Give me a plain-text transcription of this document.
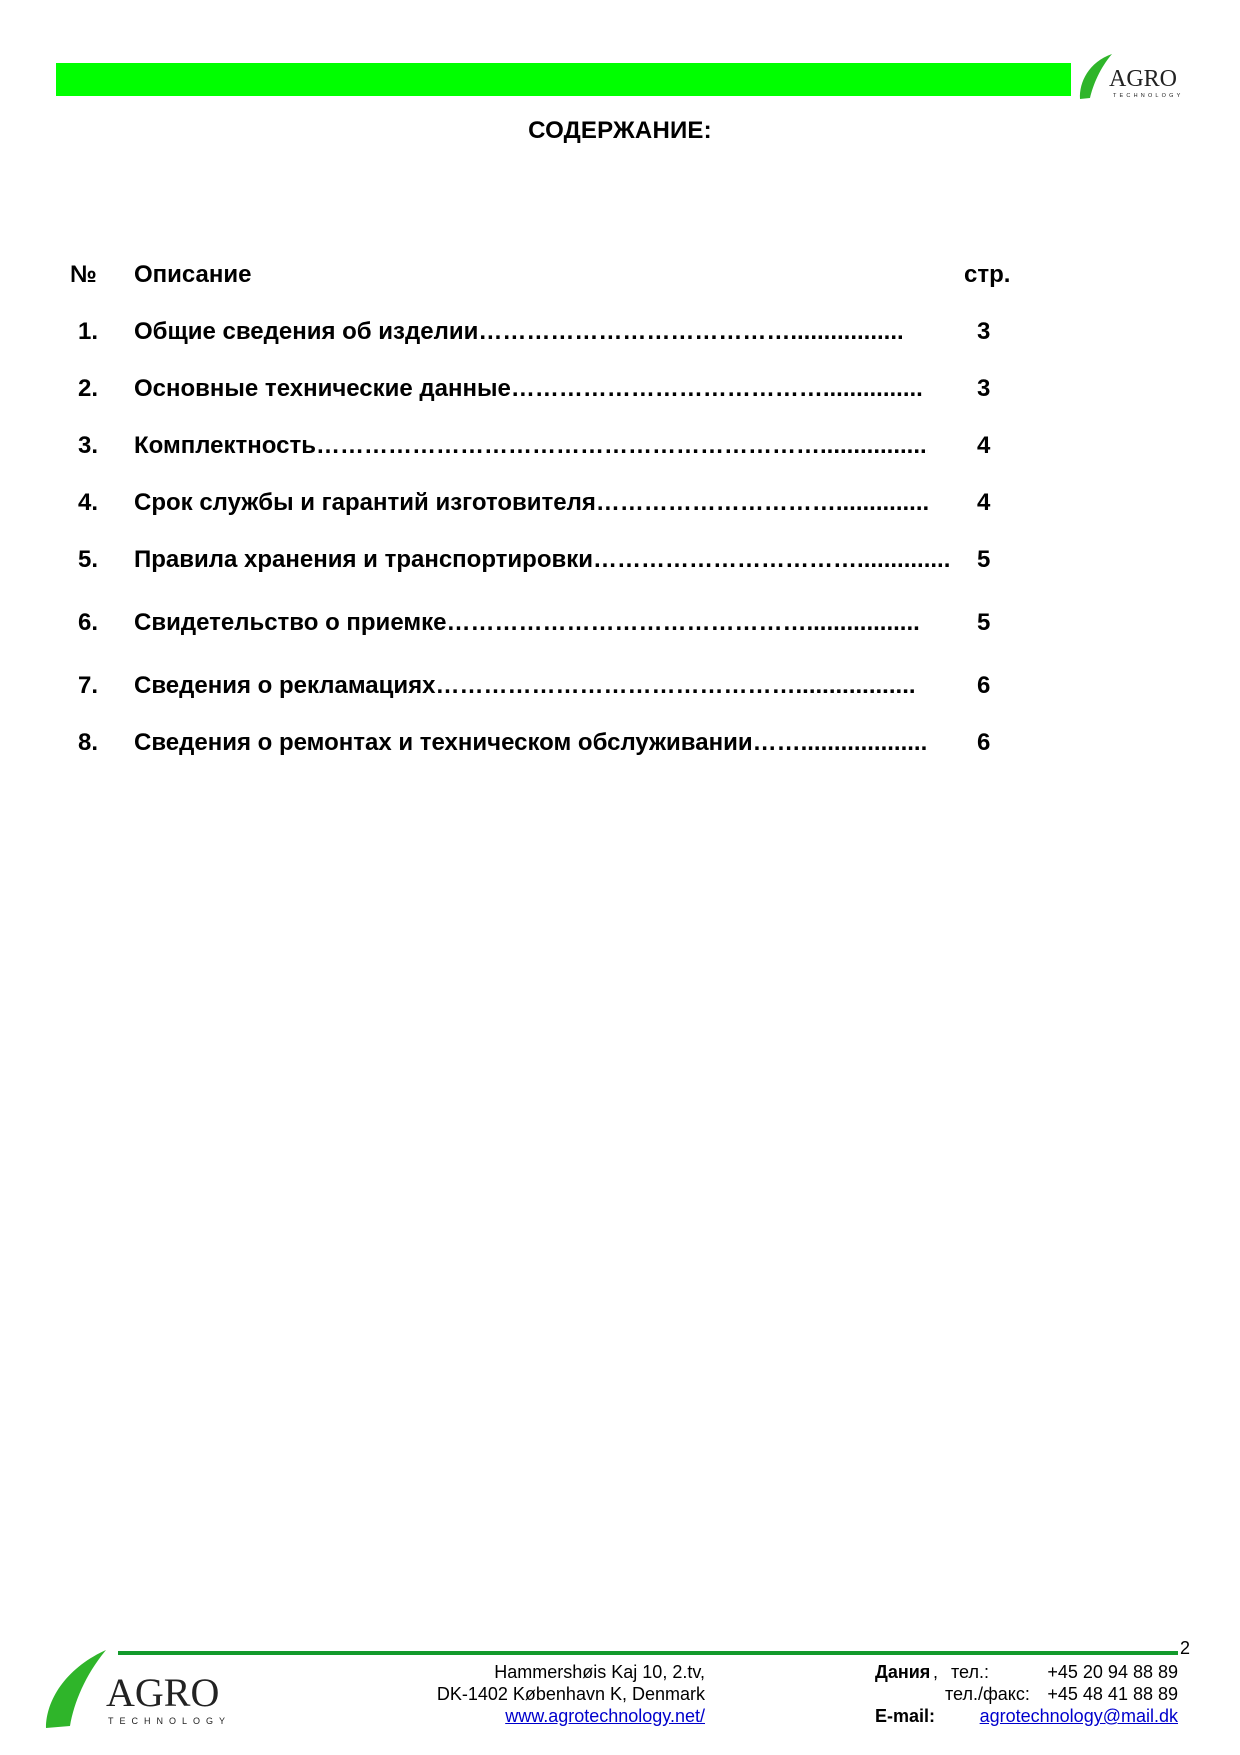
AGRO
TECHNOLOGY
СОДЕРЖАНИЕ:
№ Описание	стр.
1. Общие сведения об изделии………………………………….................	3
2. Основные технические данные…………………………………............... 3
3. Комплектность………………………………………………………................ 4
4. Срок службы и гарантий изготовителя………………………….............. 4
5. Правила хранения и транспортировки…………………………….............. 5
6. Свидетельство о приемке………………………………………................. 5
7. Сведения о рекламациях………………………………………..................	6
8. Сведения о ремонтах и техническом обслуживании……................... 6
2
AGRO
TECHNOLOGY
Hammershøis Kaj 10, 2.tv,
DK-1402 København K, Denmark
www.agrotechnology.net/
Дания , тел.:	+45 20 94 88 89
тел./факс: +45 48 41 88 89
E-mail:	agrotechnology@mail.dk
